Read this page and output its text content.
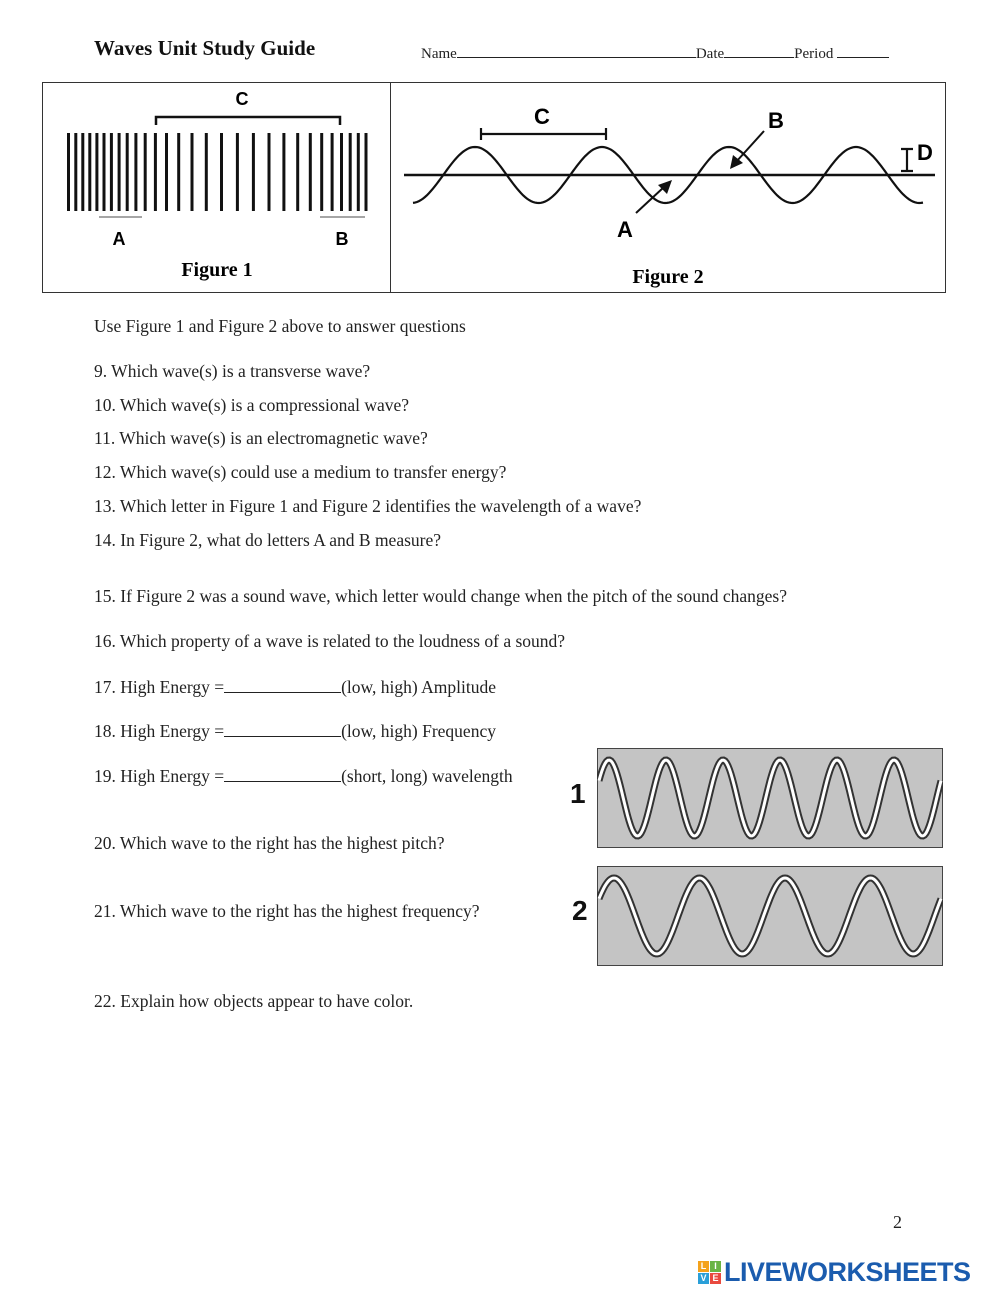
Waves Unit Study Guide	Name	Date	Period
C
A	B
Figure 1
C	B
A
D
Figure 2
Use Figure 1 and Figure 2 above to answer questions
9. Which wave(s) is a transverse wave?
10. Which wave(s) is a compressional wave?
11. Which wave(s) is an electromagnetic wave?
12. Which wave(s) could use a medium to transfer energy?
13. Which letter in Figure 1 and Figure 2 identifies the wavelength of a wave?
14. In Figure 2, what do letters A and B measure?
15. If Figure 2 was a sound wave, which letter would change when the pitch of the sound changes?
16. Which property of a wave is related to the loudness of a sound?
17. High Energy =	(low, high) Amplitude
18. High Energy =	(low, high) Frequency
19. High Energy =	(short, long) wavelength
20. Which wave to the right has the highest pitch?
21. Which wave to the right has the highest frequency?
22. Explain how objects appear to have color.
1
2
2
L I
V E LIVEWORKSHEETS
